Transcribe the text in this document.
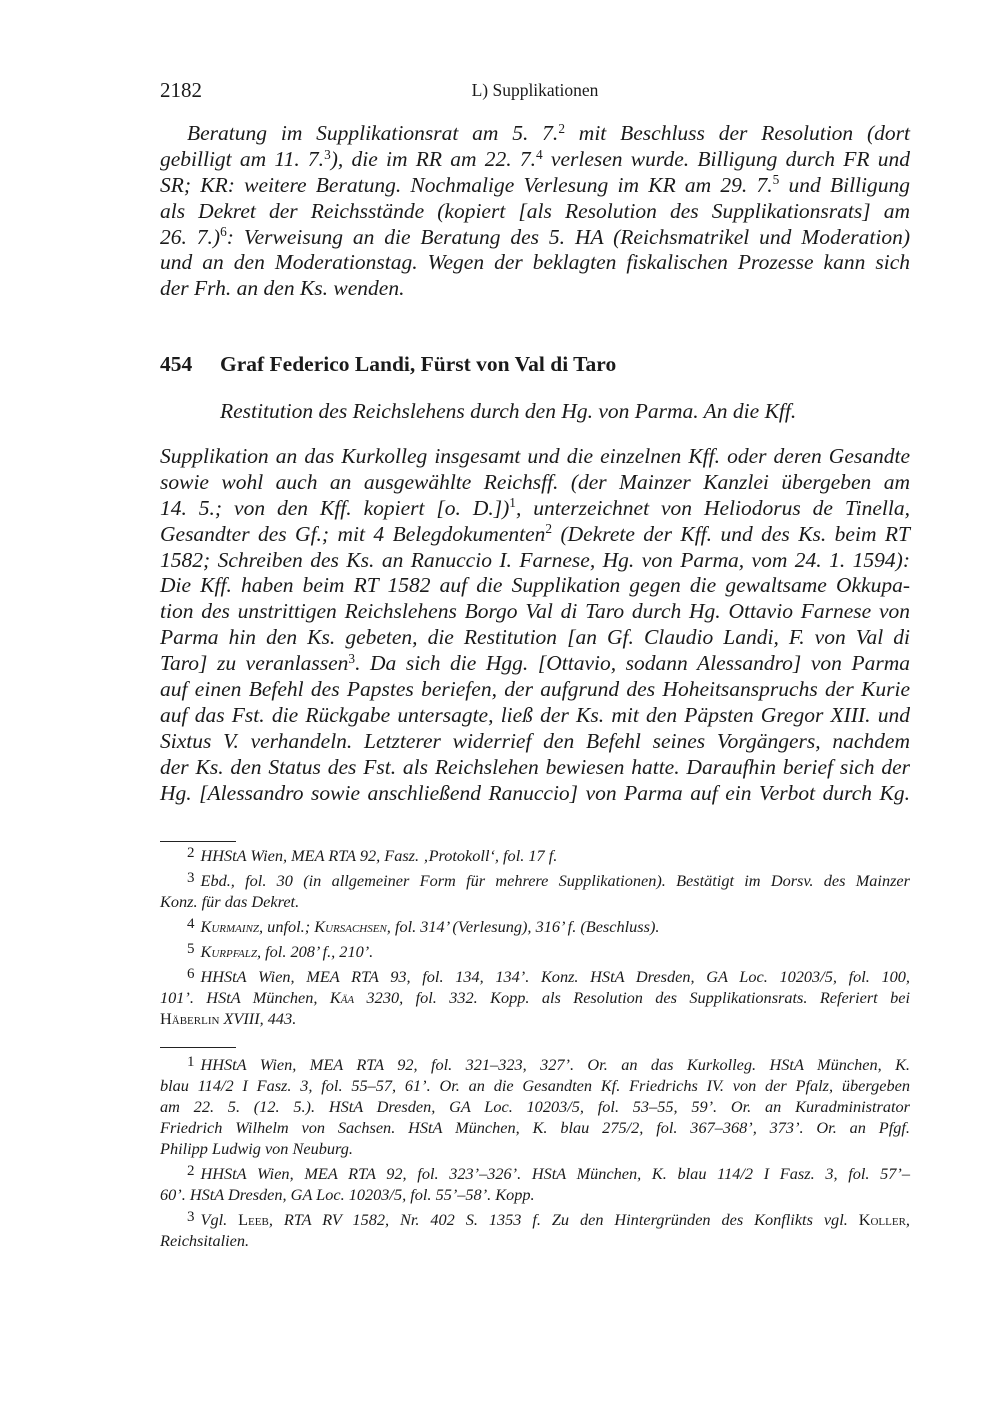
2182	L) Supplikationen
Beratung im Supplikationsrat am 5. 7.$^2$ mit Beschluss der Resolution (dort
gebilligt am 11. 7.$^3$), die im RR am 22. 7.$^4$ verlesen wurde. Billigung durch FR und
SR; KR: weitere Beratung. Nochmalige Verlesung im KR am 29. 7.$^5$ und Billigung
als Dekret der Reichsstände (kopiert [als Resolution des Supplikationsrats] am
26. 7.)$^6$: Verweisung an die Beratung des 5. HA (Reichsmatrikel und Moderation)
und an den Moderationstag. Wegen der beklagten fiskalischen Prozesse kann sich
der Frh. an den Ks. wenden.
454 Graf Federico Landi, Fürst von Val di Taro
Restitution des Reichslehens durch den Hg. von Parma. An die Kff.
Supplikation an das Kurkolleg insgesamt und die einzelnen Kff. oder deren Gesandte
sowie wohl auch an ausgewählte Reichsff. (der Mainzer Kanzlei übergeben am
14. 5.; von den Kff. kopiert [o. D.])$^1$, unterzeichnet von Heliodorus de Tinella,
Gesandter des Gf.; mit 4 Belegdokumenten$^2$ (Dekrete der Kff. und des Ks. beim RT
1582; Schreiben des Ks. an Ranuccio I. Farnese, Hg. von Parma, vom 24. 1. 1594):
Die Kff. haben beim RT 1582 auf die Supplikation gegen die gewaltsame Okkupa-
tion des unstrittigen Reichslehens Borgo Val di Taro durch Hg. Ottavio Farnese von
Parma hin den Ks. gebeten, die Restitution [an Gf. Claudio Landi, F. von Val di
Taro] zu veranlassen$^3$. Da sich die Hgg. [Ottavio, sodann Alessandro] von Parma
auf einen Befehl des Papstes beriefen, der aufgrund des Hoheitsanspruchs der Kurie
auf das Fst. die Rückgabe untersagte, ließ der Ks. mit den Päpsten Gregor XIII. und
Sixtus V. verhandeln. Letzterer widerrief den Befehl seines Vorgängers, nachdem
der Ks. den Status des Fst. als Reichslehen bewiesen hatte. Daraufhin berief sich der
Hg. [Alessandro sowie anschließend Ranuccio] von Parma auf ein Verbot durch Kg.
2 HHStA Wien, MEA RTA 92, Fasz. ‚Protokoll‘, fol. 17 f.
3 Ebd., fol. 30 (in allgemeiner Form für mehrere Supplikationen). Bestätigt im Dorsv. des Mainzer
Konz. für das Dekret.
4 Kurmainz, unfol.; Kursachsen, fol. 314’ (Verlesung), 316’ f. (Beschluss).
5 Kurpfalz, fol. 208’ f., 210’.
6 HHStA Wien, MEA RTA 93, fol. 134, 134’. Konz. HStA Dresden, GA Loc. 10203/5, fol. 100,
101’. HStA München, Käa 3230, fol. 332. Kopp. als Resolution des Supplikationsrats. Referiert bei
Häberlin XVIII, 443.
1 HHStA Wien, MEA RTA 92, fol. 321–323, 327’. Or. an das Kurkolleg. HStA München, K.
blau 114/2 I Fasz. 3, fol. 55–57, 61’. Or. an die Gesandten Kf. Friedrichs IV. von der Pfalz, übergeben
am 22. 5. (12. 5.). HStA Dresden, GA Loc. 10203/5, fol. 53–55, 59’. Or. an Kuradministrator
Friedrich Wilhelm von Sachsen. HStA München, K. blau 275/2, fol. 367–368’, 373’. Or. an Pfgf.
Philipp Ludwig von Neuburg.
2 HHStA Wien, MEA RTA 92, fol. 323’–326’. HStA München, K. blau 114/2 I Fasz. 3, fol. 57’–
60’. HStA Dresden, GA Loc. 10203/5, fol. 55’–58’. Kopp.
3 Vgl. Leeb, RTA RV 1582, Nr. 402 S. 1353 f. Zu den Hintergründen des Konflikts vgl. Koller,
Reichsitalien.
